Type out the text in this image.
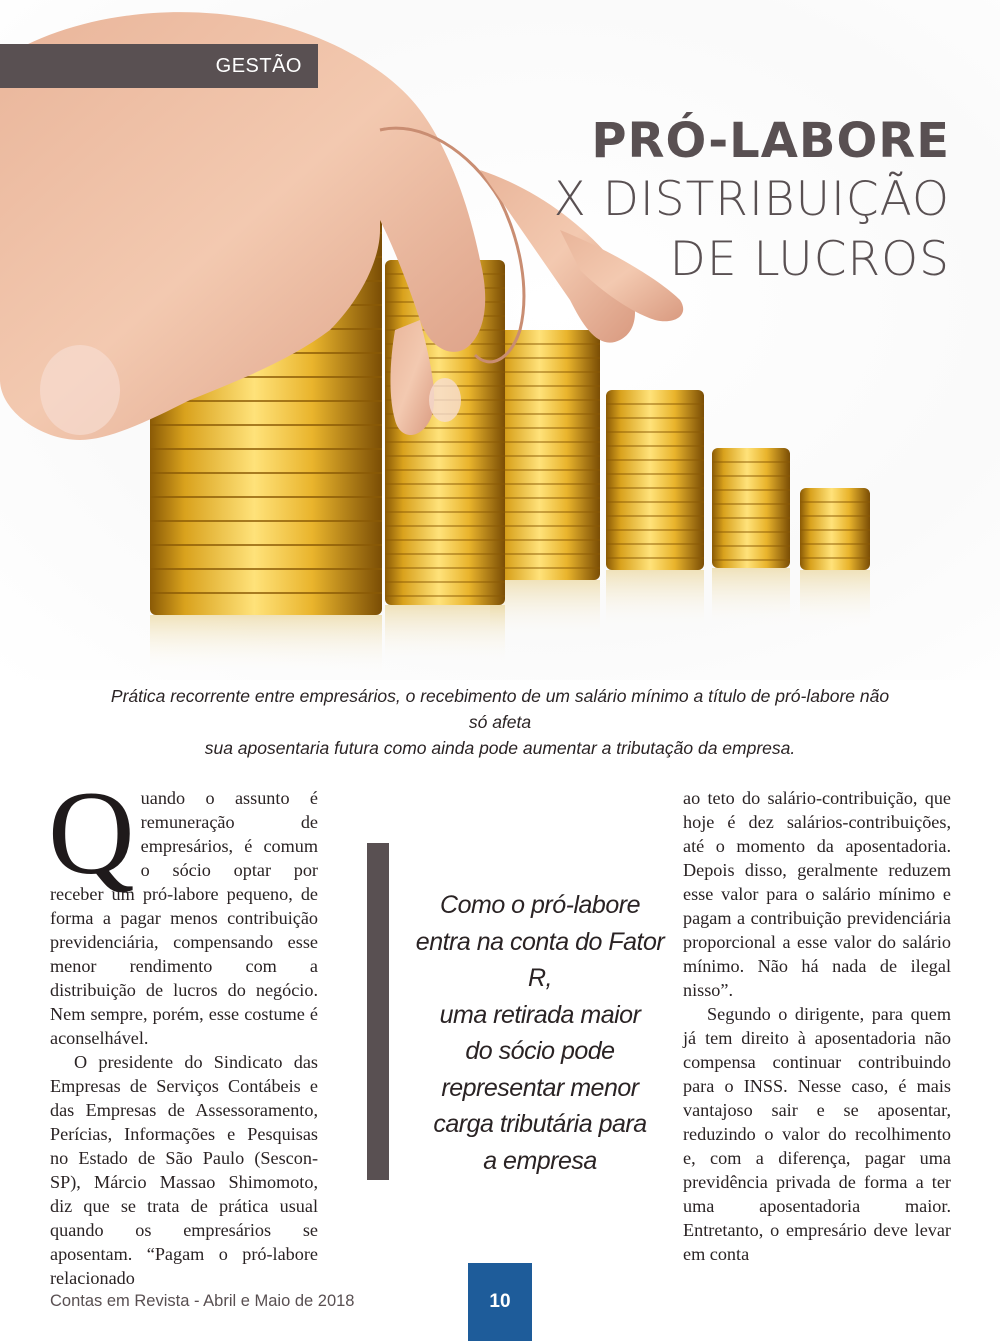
GESTÃO
PRÓ-LABORE
X DISTRIBUIÇÃO
DE LUCROS
Prática recorrente entre empresários, o recebimento de um salário mínimo a título de pró-labore não só afeta
sua aposentaria futura como ainda pode aumentar a tributação da empresa.

Q uando o assunto é remuneração de empresários, é comum o sócio optar por receber um pró-labore pequeno, de forma a pagar menos contribuição previdenciária, compensando esse menor rendimento com a distribuição de lucros do negócio. Nem sempre, porém, esse costume é aconselhável.

O presidente do Sindicato das Empresas de Serviços Contábeis e das Empresas de Assessoramento, Perícias, Informações e Pesquisas no Estado de São Paulo (Sescon-SP), Márcio Massao Shimomoto, diz que se trata de prática usual quando os empresários se aposentam. “Pagam o pró-labore relacionado

Como o pró-labore
entra na conta do Fator R,
uma retirada maior
do sócio pode
representar menor
carga tributária para
a empresa

ao teto do salário-contribuição, que hoje é dez salários-contribuições, até o momento da aposentadoria. Depois disso, geralmente reduzem esse valor para o salário mínimo e pagam a contribuição previdenciária proporcional a esse valor do salário mínimo. Não há nada de ilegal nisso”.

Segundo o dirigente, para quem já tem direito à aposentadoria não compensa continuar contribuindo para o INSS. Nesse caso, é mais vantajoso sair e se aposentar, reduzindo o valor do recolhimento e, com a diferença, pagar uma previdência privada de forma a ter uma aposentadoria maior. Entretanto, o empresário deve levar em conta

Contas em Revista - Abril e Maio de 2018	10
